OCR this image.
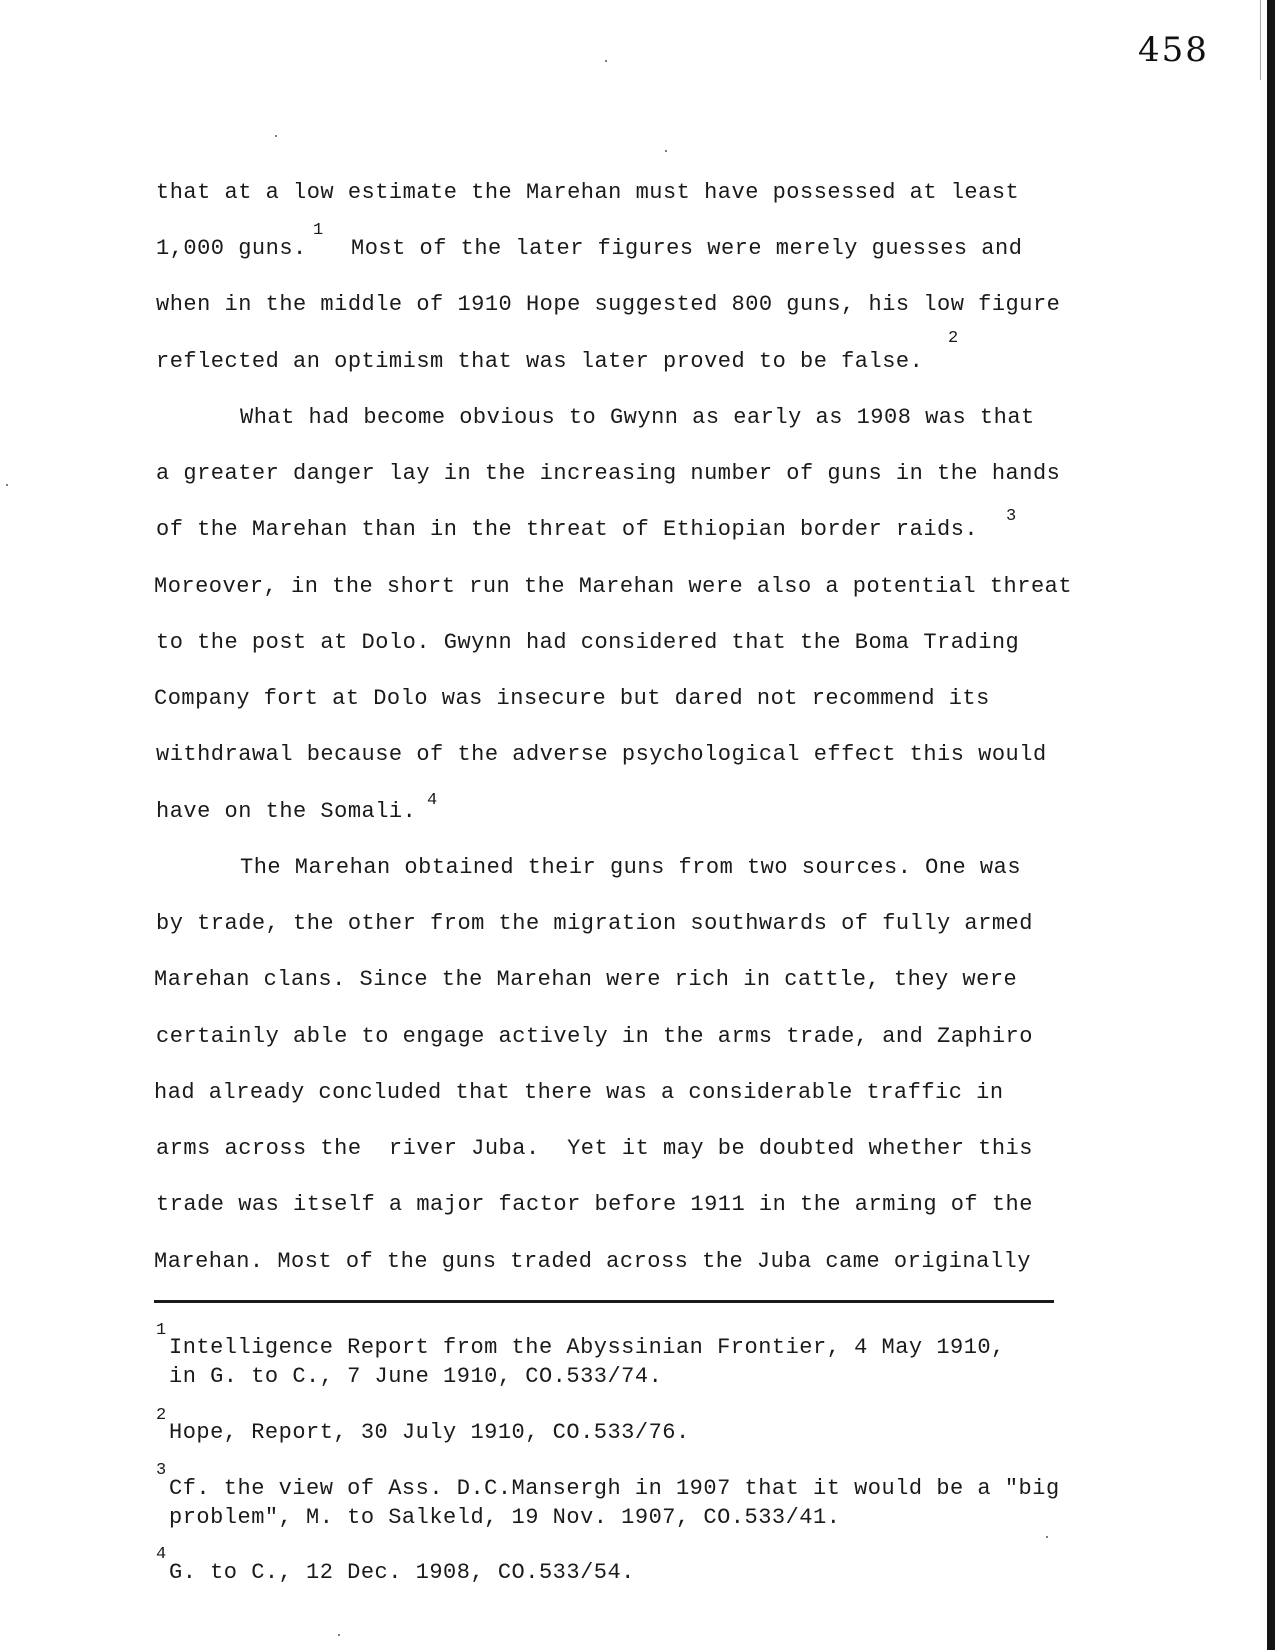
458
that at a low estimate the Marehan must have possessed at least
1,000 guns.
1
Most of the later figures were merely guesses and
when in the middle of 1910 Hope suggested 800 guns, his low figure
reflected an optimism that was later proved to be false.
2
What had become obvious to Gwynn as early as 1908 was that
a greater danger lay in the increasing number of guns in the hands
of the Marehan than in the threat of Ethiopian border raids.
3
Moreover, in the short run the Marehan were also a potential threat
to the post at Dolo. Gwynn had considered that the Boma Trading
Company fort at Dolo was insecure but dared not recommend its
withdrawal because of the adverse psychological effect this would
have on the Somali. 4
The Marehan obtained their guns from two sources. One was
by trade, the other from the migration southwards of fully armed
Marehan clans. Since the Marehan were rich in cattle, they were
certainly able to engage actively in the arms trade, and Zaphiro
had already concluded that there was a considerable traffic in
arms across the  river Juba.  Yet it may be doubted whether this
trade was itself a major factor before 1911 in the arming of the
Marehan. Most of the guns traded across the Juba came originally
1
Intelligence Report from the Abyssinian Frontier, 4 May 1910,
in G. to C., 7 June 1910, CO.533/74.
2
Hope, Report, 30 July 1910, CO.533/76.
3
Cf. the view of Ass. D.C.Mansergh in 1907 that it would be a "big
problem", M. to Salkeld, 19 Nov. 1907, CO.533/41.
4
G. to C., 12 Dec. 1908, CO.533/54.
